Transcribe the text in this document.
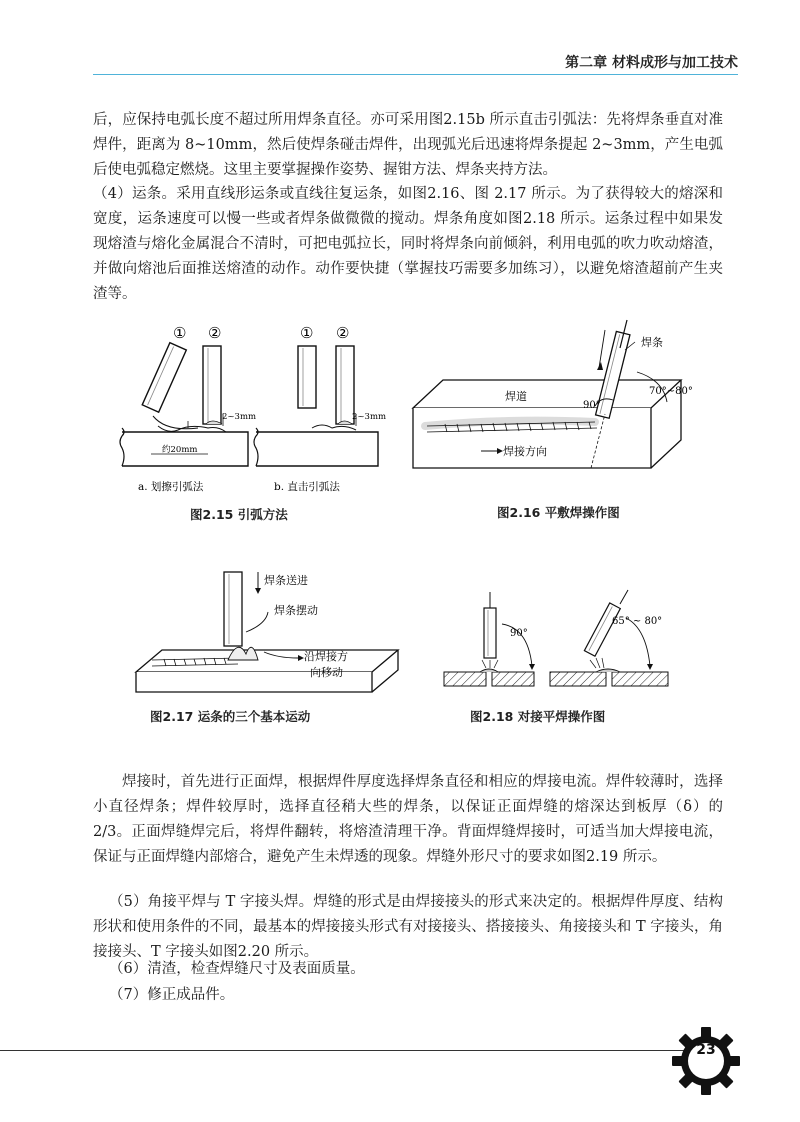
第二章 材料成形与加工技术

后，应保持电弧长度不超过所用焊条直径。亦可采用图2.15b 所示直击引弧法：先将焊条垂直对准焊件，距离为 8~10mm，然后使焊条碰击焊件，出现弧光后迅速将焊条提起 2~3mm，产生电弧后使电弧稳定燃烧。这里主要掌握操作姿势、握钳方法、焊条夹持方法。

（4）运条。采用直线形运条或直线往复运条，如图2.16、图 2.17 所示。为了获得较大的熔深和宽度，运条速度可以慢一些或者焊条做微微的搅动。焊条角度如图2.18 所示。运条过程中如果发现熔渣与熔化金属混合不清时，可把电弧拉长，同时将焊条向前倾斜，利用电弧的吹力吹动熔渣，并做向熔池后面推送熔渣的动作。动作要快捷（掌握技巧需要多加练习），以避免熔渣超前产生夹渣等。

① ②
2~3mm
约20mm
a. 划擦引弧法
① ②
2~3mm
b. 直击引弧法
图2.15 引弧方法
焊条
焊道
90°
70°~80°
焊接方向
图2.16 平敷焊操作图
焊条送进
焊条摆动
沿焊接方
向移动
图2.17 运条的三个基本运动
90°
65° ~ 80°
图2.18 对接平焊操作图

焊接时，首先进行正面焊，根据焊件厚度选择焊条直径和相应的焊接电流。焊件较薄时，选择小直径焊条；焊件较厚时，选择直径稍大些的焊条，以保证正面焊缝的熔深达到板厚（δ）的 2/3。正面焊缝焊完后，将焊件翻转，将熔渣清理干净。背面焊缝焊接时，可适当加大焊接电流，保证与正面焊缝内部熔合，避免产生未焊透的现象。焊缝外形尺寸的要求如图2.19 所示。

（5）角接平焊与 T 字接头焊。焊缝的形式是由焊接接头的形式来决定的。根据焊件厚度、结构形状和使用条件的不同，最基本的焊接接头形式有对接接头、搭接接头、角接接头和 T 字接头，角接接头、T 字接头如图2.20 所示。

（6）清渣，检查焊缝尺寸及表面质量。

（7）修正成品件。

23
